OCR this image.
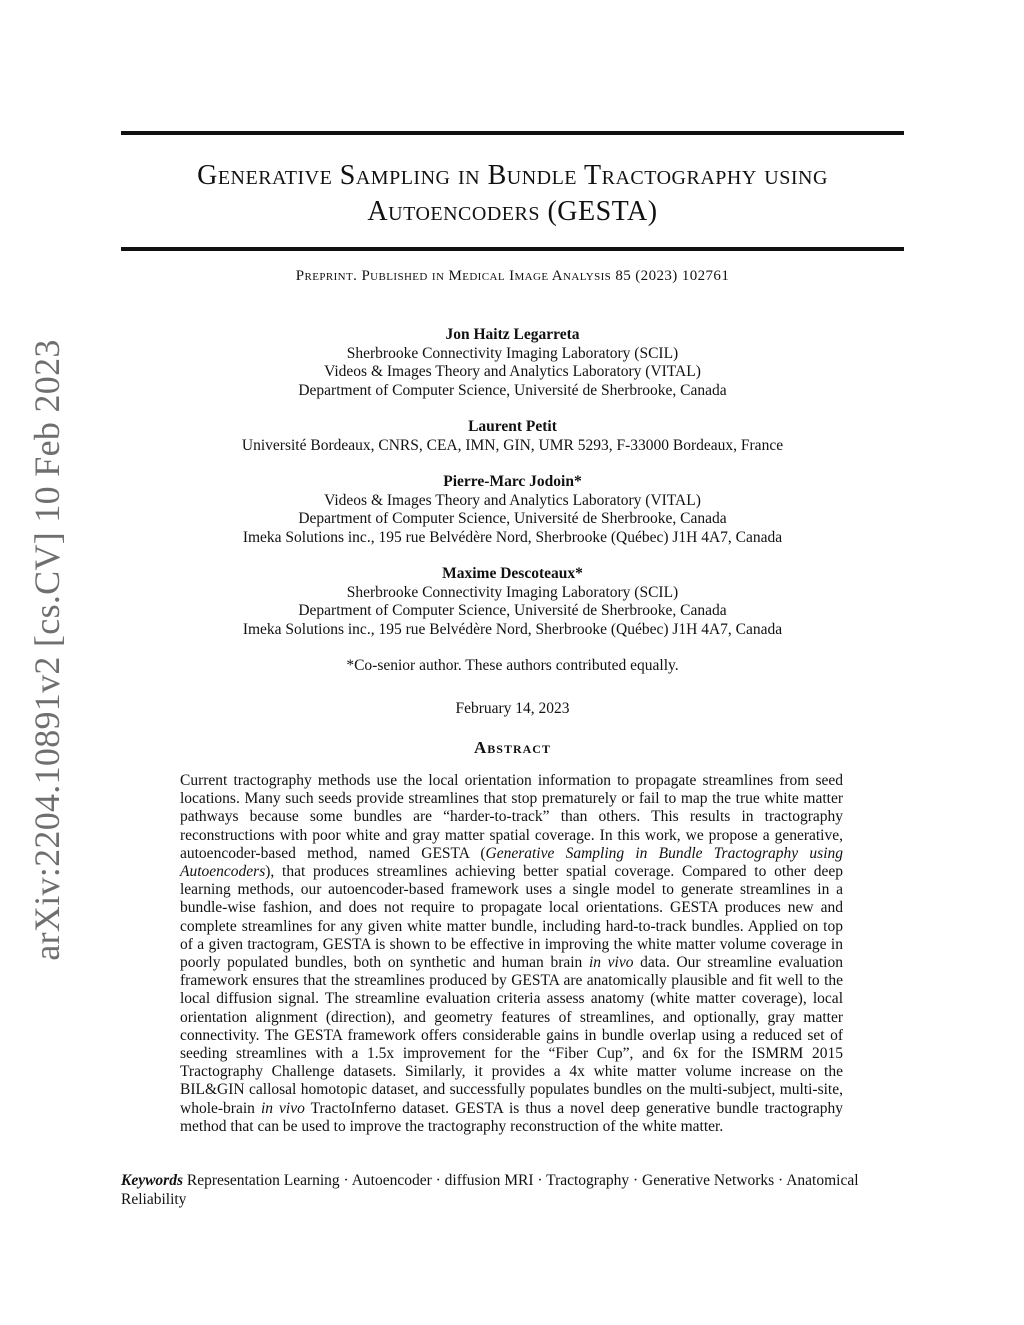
arXiv:2204.10891v2 [cs.CV] 10 Feb 2023
Generative Sampling in Bundle Tractography using Autoencoders (GESTA)
Preprint. Published in Medical Image Analysis 85 (2023) 102761
Jon Haitz Legarreta
Sherbrooke Connectivity Imaging Laboratory (SCIL)
Videos & Images Theory and Analytics Laboratory (VITAL)
Department of Computer Science, Université de Sherbrooke, Canada
Laurent Petit
Université Bordeaux, CNRS, CEA, IMN, GIN, UMR 5293, F-33000 Bordeaux, France
Pierre-Marc Jodoin*
Videos & Images Theory and Analytics Laboratory (VITAL)
Department of Computer Science, Université de Sherbrooke, Canada
Imeka Solutions inc., 195 rue Belvédère Nord, Sherbrooke (Québec) J1H 4A7, Canada
Maxime Descoteaux*
Sherbrooke Connectivity Imaging Laboratory (SCIL)
Department of Computer Science, Université de Sherbrooke, Canada
Imeka Solutions inc., 195 rue Belvédère Nord, Sherbrooke (Québec) J1H 4A7, Canada
*Co-senior author. These authors contributed equally.
February 14, 2023
Abstract
Current tractography methods use the local orientation information to propagate streamlines from seed locations. Many such seeds provide streamlines that stop prematurely or fail to map the true white matter pathways because some bundles are “harder-to-track” than others. This results in tractography reconstructions with poor white and gray matter spatial coverage. In this work, we propose a generative, autoencoder-based method, named GESTA (Generative Sampling in Bundle Tractography using Autoencoders), that produces streamlines achieving better spatial coverage. Compared to other deep learning methods, our autoencoder-based framework uses a single model to generate streamlines in a bundle-wise fashion, and does not require to propagate local orientations. GESTA produces new and complete streamlines for any given white matter bundle, including hard-to-track bundles. Applied on top of a given tractogram, GESTA is shown to be effective in improving the white matter volume coverage in poorly populated bundles, both on synthetic and human brain in vivo data. Our streamline evaluation framework ensures that the streamlines produced by GESTA are anatomically plausible and fit well to the local diffusion signal. The streamline evaluation criteria assess anatomy (white matter coverage), local orientation alignment (direction), and geometry features of streamlines, and optionally, gray matter connectivity. The GESTA framework offers considerable gains in bundle overlap using a reduced set of seeding streamlines with a 1.5x improvement for the “Fiber Cup”, and 6x for the ISMRM 2015 Tractography Challenge datasets. Similarly, it provides a 4x white matter volume increase on the BIL&GIN callosal homotopic dataset, and successfully populates bundles on the multi-subject, multi-site, whole-brain in vivo TractoInferno dataset. GESTA is thus a novel deep generative bundle tractography method that can be used to improve the tractography reconstruction of the white matter.
Keywords Representation Learning · Autoencoder · diffusion MRI · Tractography · Generative Networks · Anatomical Reliability
